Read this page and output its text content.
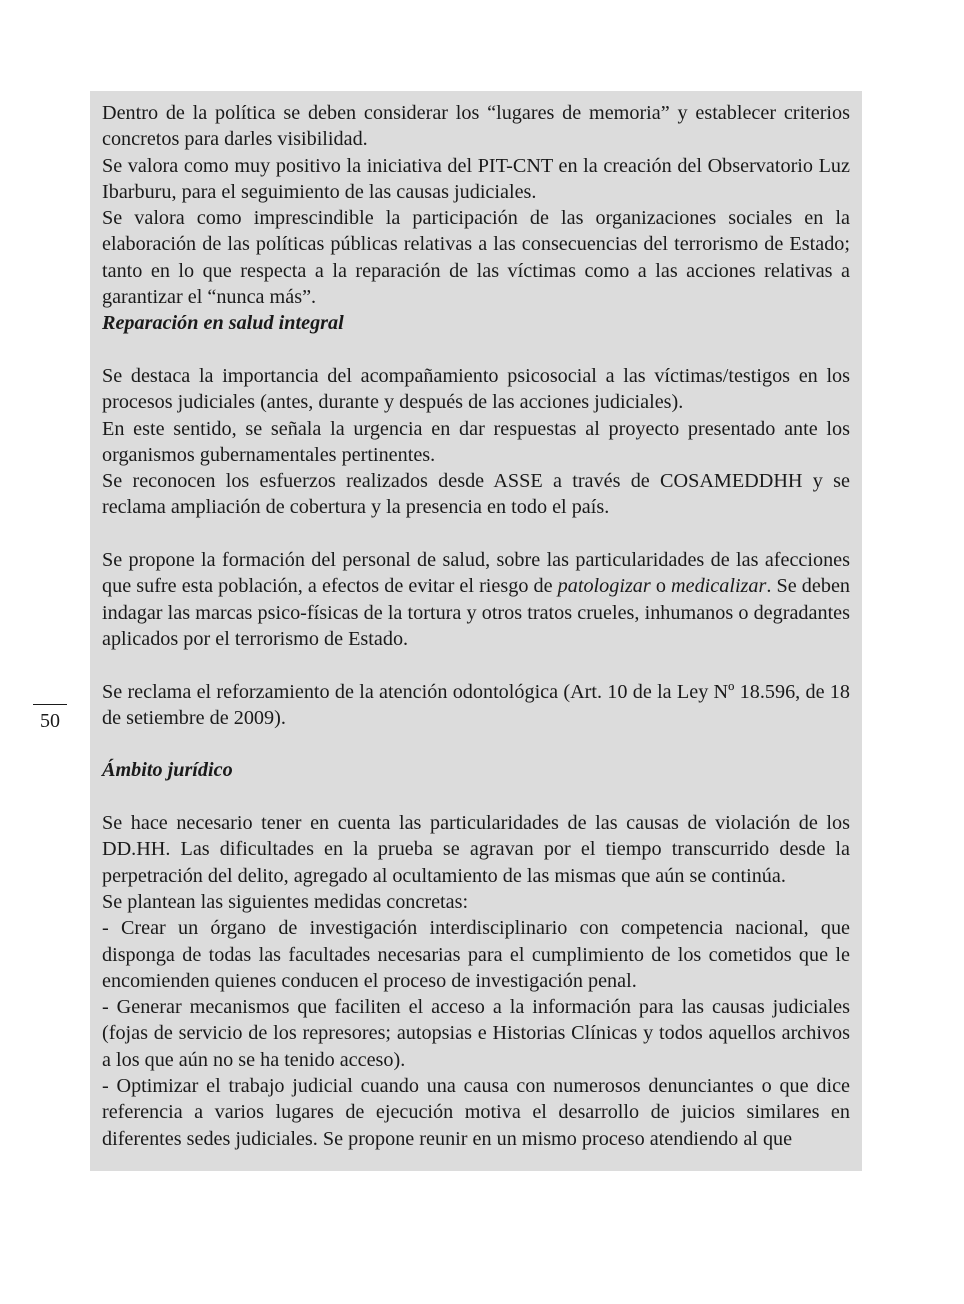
50

Dentro de la política se deben considerar los “lugares de memoria” y establecer criterios concretos para darles visibilidad.

Se valora como muy positivo la iniciativa del PIT-CNT en la creación del Observatorio Luz Ibarburu, para el seguimiento de las causas judiciales.

Se valora como imprescindible la participación de las organizaciones sociales en la elaboración de las políticas públicas relativas a las consecuencias del terrorismo de Estado; tanto en lo que respecta a la reparación de las víctimas como a las acciones relativas a garantizar el “nunca más”.

Reparación en salud integral

Se destaca la importancia del acompañamiento psicosocial a las víctimas/testigos en los procesos judiciales (antes, durante y después de las acciones judiciales).

En este sentido, se señala la urgencia en dar respuestas al proyecto presentado ante los organismos gubernamentales pertinentes.

Se reconocen los esfuerzos realizados desde ASSE a través de COSAMEDDHH y se reclama ampliación de cobertura y la presencia en todo el país.

Se propone la formación del personal de salud, sobre las particularidades de las afecciones que sufre esta población, a efectos de evitar el riesgo de patologizar o medicalizar. Se deben indagar las marcas psico-físicas de la tortura y otros tratos crueles, inhumanos o degradantes aplicados por el terrorismo de Estado.

Se reclama el reforzamiento de la atención odontológica (Art. 10 de la Ley Nº 18.596, de 18 de setiembre de 2009).

Ámbito jurídico

Se hace necesario tener en cuenta las particularidades de las causas de violación de los DD.HH. Las dificultades en la prueba se agravan por el tiempo transcurrido desde la perpetración del delito, agregado al ocultamiento de las mismas que aún se continúa.

Se plantean las siguientes medidas concretas:

- Crear un órgano de investigación interdisciplinario con competencia nacional, que disponga de todas las facultades necesarias para el cumplimiento de los cometidos que le encomienden quienes conducen el proceso de investigación penal.

- Generar mecanismos que faciliten el acceso a la información para las causas judiciales (fojas de servicio de los represores; autopsias e Historias Clínicas y todos aquellos archivos a los que aún no se ha tenido acceso).

- Optimizar el trabajo judicial cuando una causa con numerosos denunciantes o que dice referencia a varios lugares de ejecución motiva el desarrollo de juicios similares en diferentes sedes judiciales. Se propone reunir en un mismo proceso atendiendo al que
